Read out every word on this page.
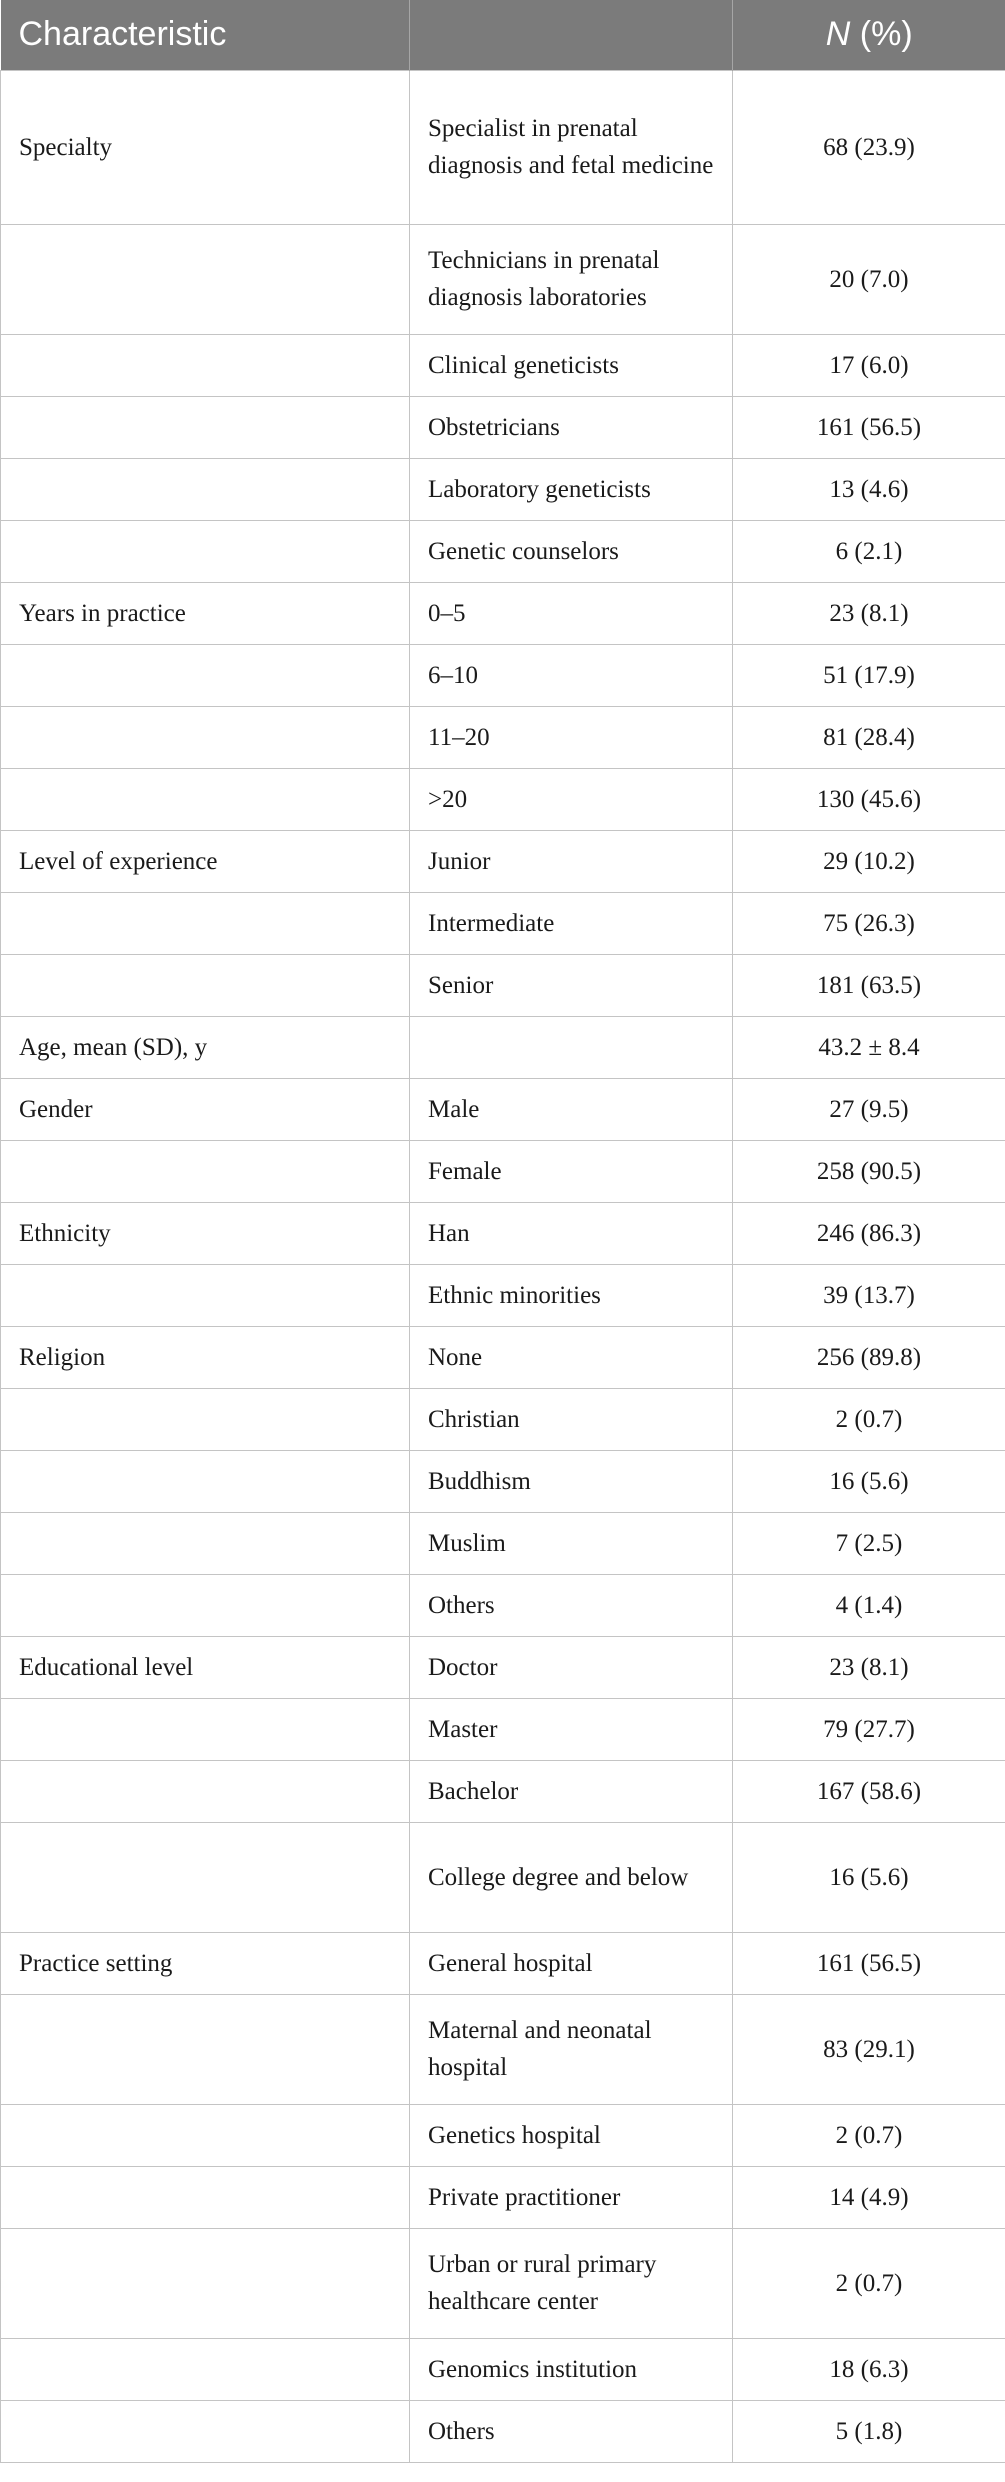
Characteristic		N (%)
Specialty	Specialist in prenatal diagnosis and fetal medicine	68 (23.9)
	Technicians in prenatal diagnosis laboratories	20 (7.0)
	Clinical geneticists	17 (6.0)
	Obstetricians	161 (56.5)
	Laboratory geneticists	13 (4.6)
	Genetic counselors	6 (2.1)
Years in practice	0–5	23 (8.1)
	6–10	51 (17.9)
	11–20	81 (28.4)
	>20	130 (45.6)
Level of experience	Junior	29 (10.2)
	Intermediate	75 (26.3)
	Senior	181 (63.5)
Age, mean (SD), y		43.2 ± 8.4
Gender	Male	27 (9.5)
	Female	258 (90.5)
Ethnicity	Han	246 (86.3)
	Ethnic minorities	39 (13.7)
Religion	None	256 (89.8)
	Christian	2 (0.7)
	Buddhism	16 (5.6)
	Muslim	7 (2.5)
	Others	4 (1.4)
Educational level	Doctor	23 (8.1)
	Master	79 (27.7)
	Bachelor	167 (58.6)
	College degree and below	16 (5.6)
Practice setting	General hospital	161 (56.5)
	Maternal and neonatal hospital	83 (29.1)
	Genetics hospital	2 (0.7)
	Private practitioner	14 (4.9)
	Urban or rural primary healthcare center	2 (0.7)
	Genomics institution	18 (6.3)
	Others	5 (1.8)
